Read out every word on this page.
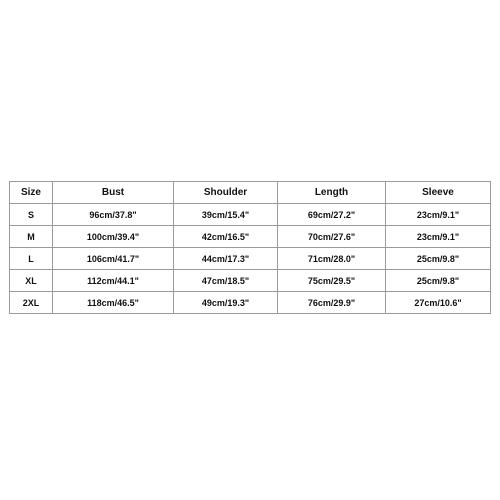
Size	Bust	Shoulder	Length	Sleeve
S	96cm/37.8"	39cm/15.4"	69cm/27.2"	23cm/9.1"
M	100cm/39.4"	42cm/16.5"	70cm/27.6"	23cm/9.1"
L	106cm/41.7"	44cm/17.3"	71cm/28.0"	25cm/9.8"
XL	112cm/44.1"	47cm/18.5"	75cm/29.5"	25cm/9.8"
2XL	118cm/46.5"	49cm/19.3"	76cm/29.9"	27cm/10.6"
